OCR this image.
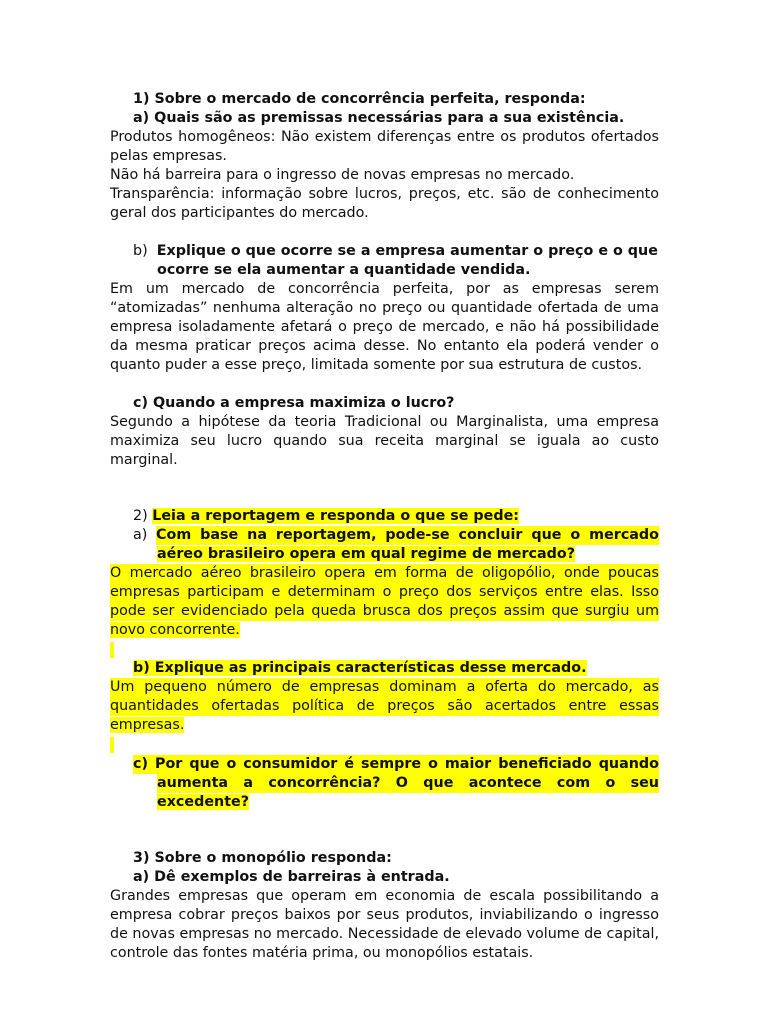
1) Sobre o mercado de concorrência perfeita, responda:
a) Quais são as premissas necessárias para a sua existência.
Produtos homogêneos: Não existem diferenças entre os produtos ofertados
pelas empresas.
Não há barreira para o ingresso de novas empresas no mercado.
Transparência: informação sobre lucros, preços, etc. são de conhecimento
geral dos participantes do mercado.
b) Explique o que ocorre se a empresa aumentar o preço e o que
ocorre se ela aumentar a quantidade vendida.
Em um mercado de concorrência perfeita, por as empresas serem
“atomizadas” nenhuma alteração no preço ou quantidade ofertada de uma
empresa isoladamente afetará o preço de mercado, e não há possibilidade
da mesma praticar preços acima desse. No entanto ela poderá vender o
quanto puder a esse preço, limitada somente por sua estrutura de custos.
c) Quando a empresa maximiza o lucro?
Segundo a hipótese da teoria Tradicional ou Marginalista, uma empresa
maximiza seu lucro quando sua receita marginal se iguala ao custo
marginal.
2) Leia a reportagem e responda o que se pede:
a) Com base na reportagem, pode-se concluir que o mercado
aéreo brasileiro opera em qual regime de mercado?
O mercado aéreo brasileiro opera em forma de oligopólio, onde poucas
empresas participam e determinam o preço dos serviços entre elas. Isso
pode ser evidenciado pela queda brusca dos preços assim que surgiu um
novo concorrente.
b) Explique as principais características desse mercado.
Um pequeno número de empresas dominam a oferta do mercado, as
quantidades ofertadas política de preços são acertados entre essas
empresas.
c) Por que o consumidor é sempre o maior beneficiado quando
aumenta a concorrência? O que acontece com o seu
excedente?
3) Sobre o monopólio responda:
a) Dê exemplos de barreiras à entrada.
Grandes empresas que operam em economia de escala possibilitando a
empresa cobrar preços baixos por seus produtos, inviabilizando o ingresso
de novas empresas no mercado. Necessidade de elevado volume de capital,
controle das fontes matéria prima, ou monopólios estatais.
